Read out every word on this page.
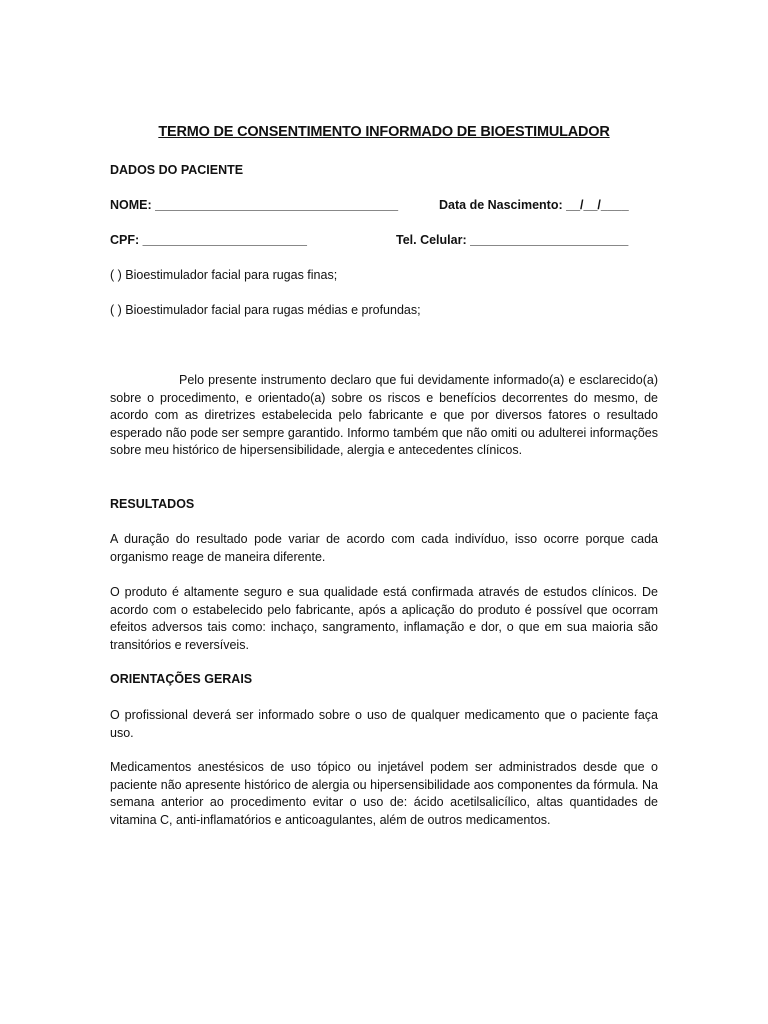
TERMO DE CONSENTIMENTO INFORMADO DE BIOESTIMULADOR
DADOS DO PACIENTE
NOME: ________________________________________	Data de Nascimento: __/__/____
CPF: ___________________________	Tel. Celular: __________________________
( ) Bioestimulador facial para rugas finas;
( ) Bioestimulador facial para rugas médias e profundas;

Pelo presente instrumento declaro que fui devidamente informado(a) e esclarecido(a) sobre o procedimento, e orientado(a) sobre os riscos e benefícios decorrentes do mesmo, de acordo com as diretrizes estabelecida pelo fabricante e que por diversos fatores o resultado esperado não pode ser sempre garantido. Informo também que não omiti ou adulterei informações sobre meu histórico de hipersensibilidade, alergia e antecedentes clínicos.

RESULTADOS

A duração do resultado pode variar de acordo com cada indivíduo, isso ocorre porque cada organismo reage de maneira diferente.

O produto é altamente seguro e sua qualidade está confirmada através de estudos clínicos. De acordo com o estabelecido pelo fabricante, após a aplicação do produto é possível que ocorram efeitos adversos tais como: inchaço, sangramento, inflamação e dor, o que em sua maioria são transitórios e reversíveis.

ORIENTAÇÕES GERAIS

O profissional deverá ser informado sobre o uso de qualquer medicamento que o paciente faça uso.

Medicamentos anestésicos de uso tópico ou injetável podem ser administrados desde que o paciente não apresente histórico de alergia ou hipersensibilidade aos componentes da fórmula. Na semana anterior ao procedimento evitar o uso de: ácido acetilsalicílico, altas quantidades de vitamina C, anti-inflamatórios e anticoagulantes, além de outros medicamentos.
